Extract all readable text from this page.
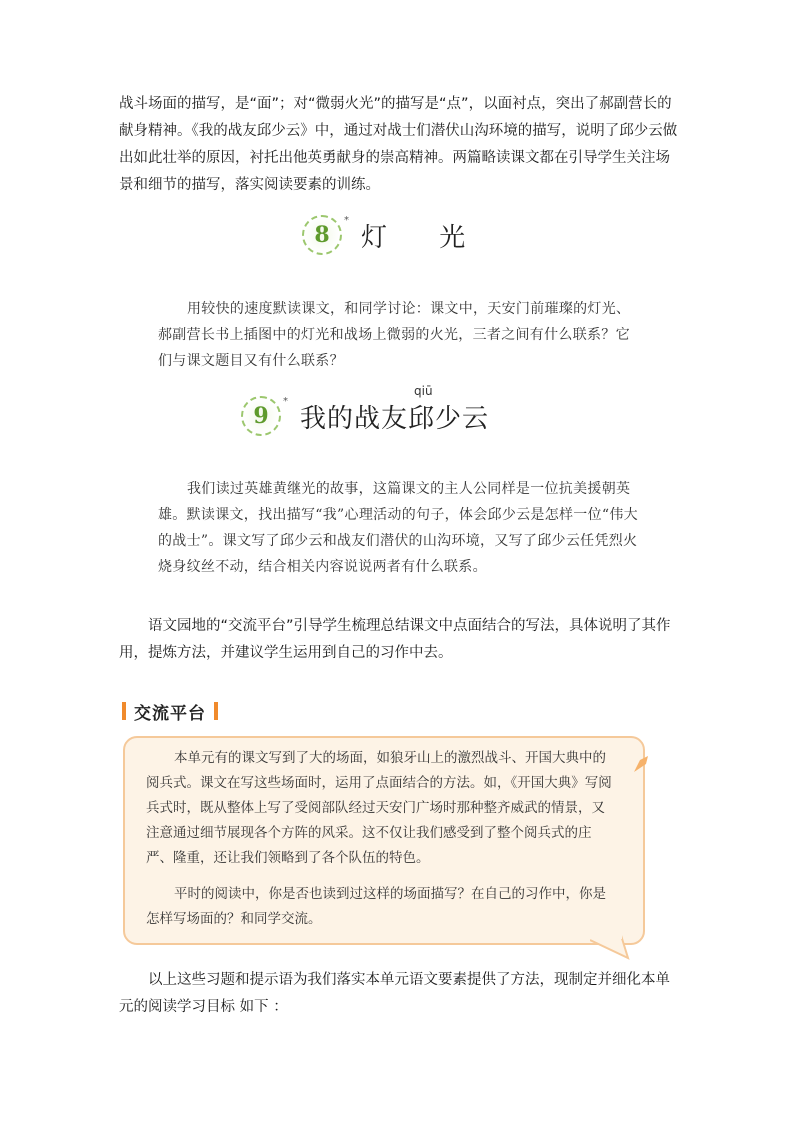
战斗场面的描写，是“面”；对“微弱火光”的描写是“点”，以面衬点，突出了郝副营长的献身精神。《我的战友邱少云》中，通过对战士们潜伏山沟环境的描写，说明了邱少云做出如此壮举的原因，衬托出他英勇献身的崇高精神。两篇略读课文都在引导学生关注场景和细节的描写，落实阅读要素的训练。

8
*
灯 光

用较快的速度默读课文，和同学讨论：课文中，天安门前璀璨的灯光、郝副营长书上插图中的灯光和战场上微弱的火光，三者之间有什么联系？它们与课文题目又有什么联系？

qiū
9
*
我的战友邱少云

我们读过英雄黄继光的故事，这篇课文的主人公同样是一位抗美援朝英雄。默读课文，找出描写“我”心理活动的句子，体会邱少云是怎样一位“伟大的战士”。课文写了邱少云和战友们潜伏的山沟环境，又写了邱少云任凭烈火烧身纹丝不动，结合相关内容说说两者有什么联系。

语文园地的“交流平台”引导学生梳理总结课文中点面结合的写法，具体说明了其作用，提炼方法，并建议学生运用到自己的习作中去。

交流平台

本单元有的课文写到了大的场面，如狼牙山上的激烈战斗、开国大典中的阅兵式。课文在写这些场面时，运用了点面结合的方法。如，《开国大典》写阅兵式时，既从整体上写了受阅部队经过天安门广场时那种整齐威武的情景，又注意通过细节展现各个方阵的风采。这不仅让我们感受到了整个阅兵式的庄严、隆重，还让我们领略到了各个队伍的特色。

平时的阅读中，你是否也读到过这样的场面描写？在自己的习作中，你是怎样写场面的？和同学交流。

以上这些习题和提示语为我们落实本单元语文要素提供了方法，现制定并细化本单元的阅读学习目标 如下 ：
